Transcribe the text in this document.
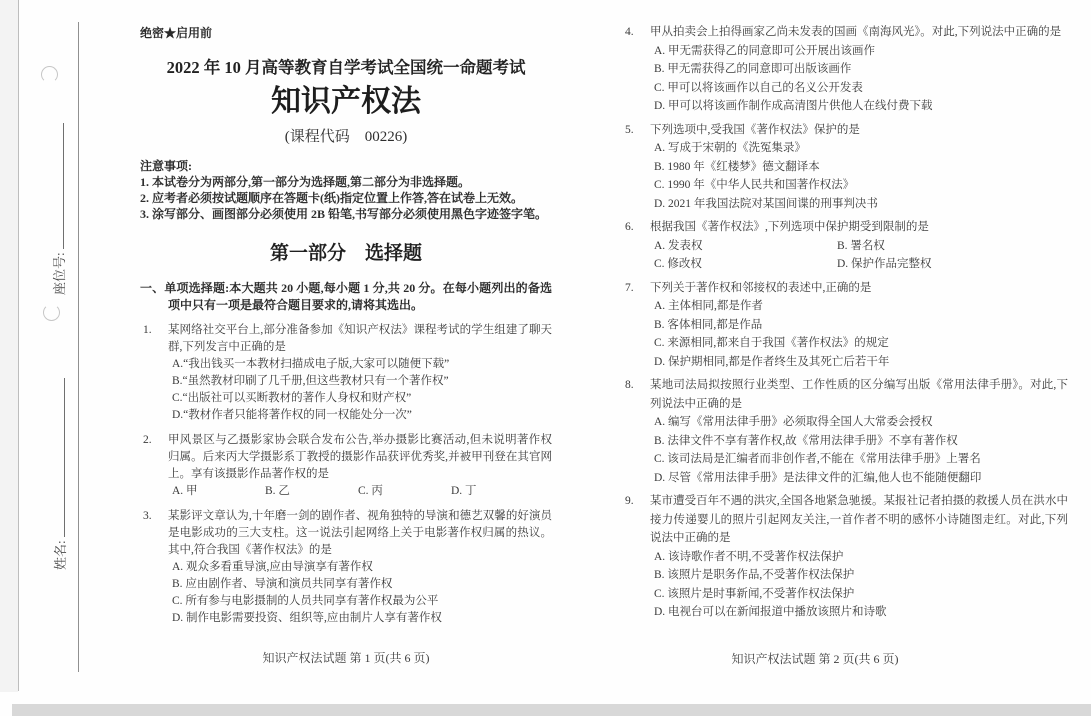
座位号:
姓名:
绝密★启用前
2022 年 10 月高等教育自学考试全国统一命题考试
知识产权法
(课程代码　00226)
注意事项:
1. 本试卷分为两部分,第一部分为选择题,第二部分为非选择题。
2. 应考者必须按试题顺序在答题卡(纸)指定位置上作答,答在试卷上无效。
3. 涂写部分、画图部分必须使用 2B 铅笔,书写部分必须使用黑色字迹签字笔。
第一部分　选择题
一、单项选择题:本大题共 20 小题,每小题 1 分,共 20 分。在每小题列出的备选项中只有一项是最符合题目要求的,请将其选出。
1. 某网络社交平台上,部分准备参加《知识产权法》课程考试的学生组建了聊天群,下列发言中正确的是
A.“我出钱买一本教材扫描成电子版,大家可以随便下载”
B.“虽然教材印刷了几千册,但这些教材只有一个著作权”
C.“出版社可以买断教材的著作人身权和财产权”
D.“教材作者只能将著作权的同一权能处分一次”
2. 甲风景区与乙摄影家协会联合发布公告,举办摄影比赛活动,但未说明著作权归属。后来丙大学摄影系丁教授的摄影作品获评优秀奖,并被甲刊登在其官网上。享有该摄影作品著作权的是
A. 甲	B. 乙	C. 丙	D. 丁
3. 某影评文章认为,十年磨一剑的剧作者、视角独特的导演和德艺双馨的好演员是电影成功的三大支柱。这一说法引起网络上关于电影著作权归属的热议。其中,符合我国《著作权法》的是
A. 观众多看重导演,应由导演享有著作权
B. 应由剧作者、导演和演员共同享有著作权
C. 所有参与电影摄制的人员共同享有著作权最为公平
D. 制作电影需要投资、组织等,应由制片人享有著作权
知识产权法试题 第 1 页(共 6 页)
4. 甲从拍卖会上拍得画家乙尚未发表的国画《南海风光》。对此,下列说法中正确的是
A. 甲无需获得乙的同意即可公开展出该画作
B. 甲无需获得乙的同意即可出版该画作
C. 甲可以将该画作以自己的名义公开发表
D. 甲可以将该画作制作成高清图片供他人在线付费下载
5. 下列选项中,受我国《著作权法》保护的是
A. 写成于宋朝的《洗冤集录》
B. 1980 年《红楼梦》德文翻译本
C. 1990 年《中华人民共和国著作权法》
D. 2021 年我国法院对某国间谍的刑事判决书
6. 根据我国《著作权法》,下列选项中保护期受到限制的是
A. 发表权	B. 署名权
C. 修改权	D. 保护作品完整权
7. 下列关于著作权和邻接权的表述中,正确的是
A. 主体相同,都是作者
B. 客体相同,都是作品
C. 来源相同,都来自于我国《著作权法》的规定
D. 保护期相同,都是作者终生及其死亡后若干年
8. 某地司法局拟按照行业类型、工作性质的区分编写出版《常用法律手册》。对此,下列说法中正确的是
A. 编写《常用法律手册》必须取得全国人大常委会授权
B. 法律文件不享有著作权,故《常用法律手册》不享有著作权
C. 该司法局是汇编者而非创作者,不能在《常用法律手册》上署名
D. 尽管《常用法律手册》是法律文件的汇编,他人也不能随便翻印
9. 某市遭受百年不遇的洪灾,全国各地紧急驰援。某报社记者拍摄的救援人员在洪水中接力传递婴儿的照片引起网友关注,一首作者不明的感怀小诗随图走红。对此,下列说法中正确的是
A. 该诗歌作者不明,不受著作权法保护
B. 该照片是职务作品,不受著作权法保护
C. 该照片是时事新闻,不受著作权法保护
D. 电视台可以在新闻报道中播放该照片和诗歌
知识产权法试题 第 2 页(共 6 页)
